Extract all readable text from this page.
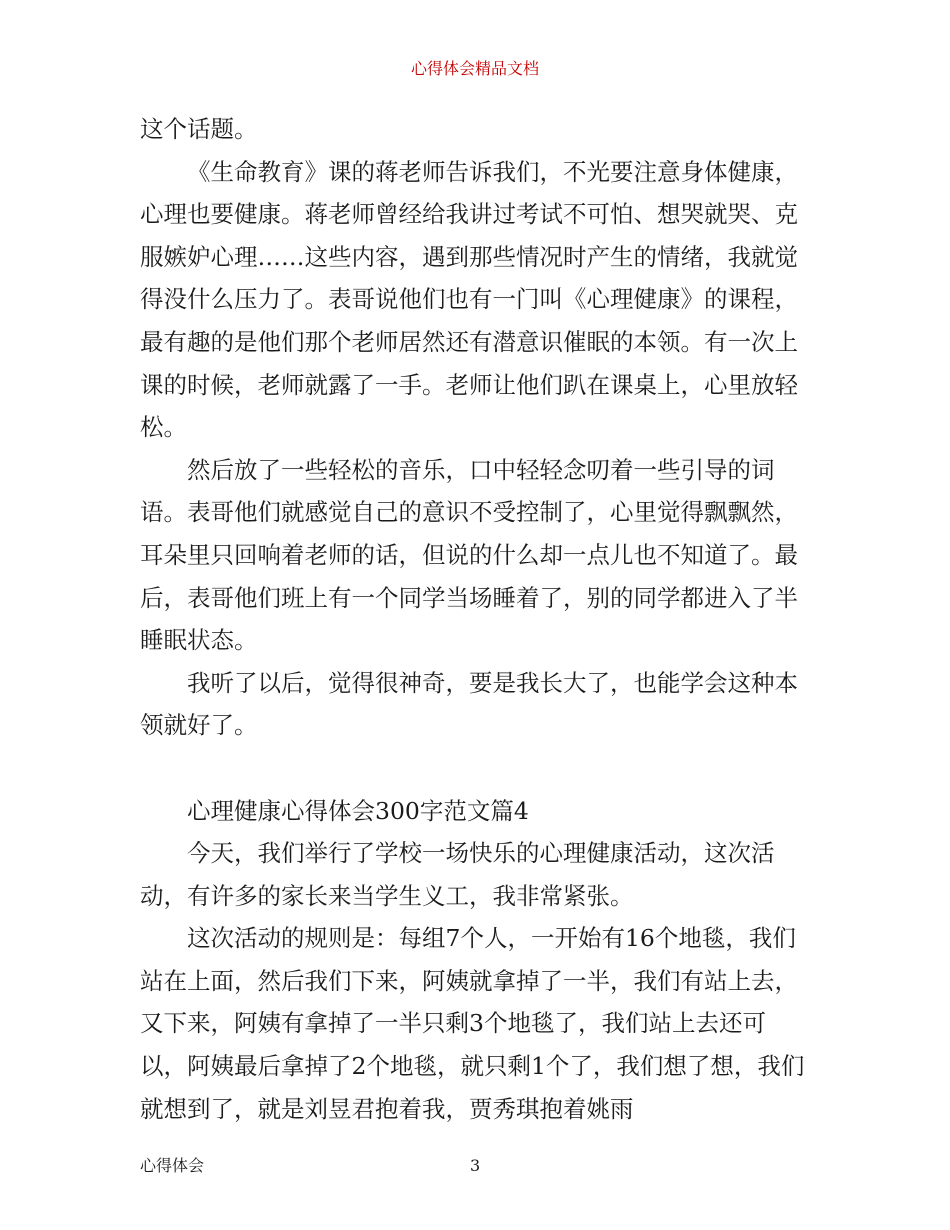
心得体会精品文档

这个话题。

《生命教育》课的蒋老师告诉我们，不光要注意身体健康，心理也要健康。蒋老师曾经给我讲过考试不可怕、想哭就哭、克服嫉妒心理……这些内容，遇到那些情况时产生的情绪，我就觉得没什么压力了。表哥说他们也有一门叫《心理健康》的课程，最有趣的是他们那个老师居然还有潜意识催眠的本领。有一次上课的时候，老师就露了一手。老师让他们趴在课桌上，心里放轻松。

然后放了一些轻松的音乐，口中轻轻念叨着一些引导的词语。表哥他们就感觉自己的意识不受控制了，心里觉得飘飘然，耳朵里只回响着老师的话，但说的什么却一点儿也不知道了。最后，表哥他们班上有一个同学当场睡着了，别的同学都进入了半睡眠状态。

我听了以后，觉得很神奇，要是我长大了，也能学会这种本领就好了。

心理健康心得体会300字范文篇4

今天，我们举行了学校一场快乐的心理健康活动，这次活动，有许多的家长来当学生义工，我非常紧张。

这次活动的规则是：每组7个人，一开始有16个地毯，我们站在上面，然后我们下来，阿姨就拿掉了一半，我们有站上去，又下来，阿姨有拿掉了一半只剩3个地毯了，我们站上去还可以，阿姨最后拿掉了2个地毯，就只剩1个了，我们想了想，我们就想到了，就是刘昱君抱着我，贾秀琪抱着姚雨

心得体会	3
